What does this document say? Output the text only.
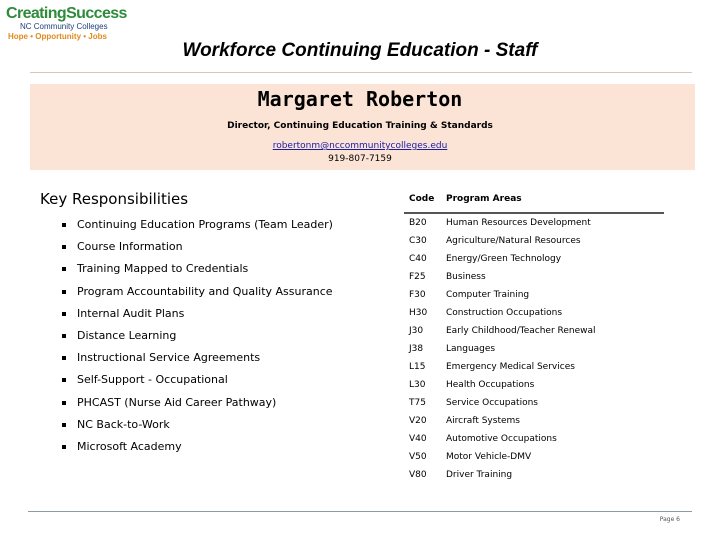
CreatingSuccess
NC Community Colleges
Hope • Opportunity • Jobs
Workforce Continuing Education - Staff
Margaret Roberton
Director, Continuing Education Training & Standards
robertonm@nccommunitycolleges.edu
919-807-7159
Key Responsibilities
Continuing Education Programs (Team Leader)
Course Information
Training Mapped to Credentials
Program Accountability and Quality Assurance
Internal Audit Plans
Distance Learning
Instructional Service Agreements
Self-Support - Occupational
PHCAST (Nurse Aid Career Pathway)
NC Back-to-Work
Microsoft Academy
Code	Program Areas
B20	Human Resources Development
C30	Agriculture/Natural Resources
C40	Energy/Green Technology
F25	Business
F30	Computer Training
H30	Construction Occupations
J30	Early Childhood/Teacher Renewal
J38	Languages
L15	Emergency Medical Services
L30	Health Occupations
T75	Service Occupations
V20	Aircraft Systems
V40	Automotive Occupations
V50	Motor Vehicle-DMV
V80	Driver Training
Page 6
